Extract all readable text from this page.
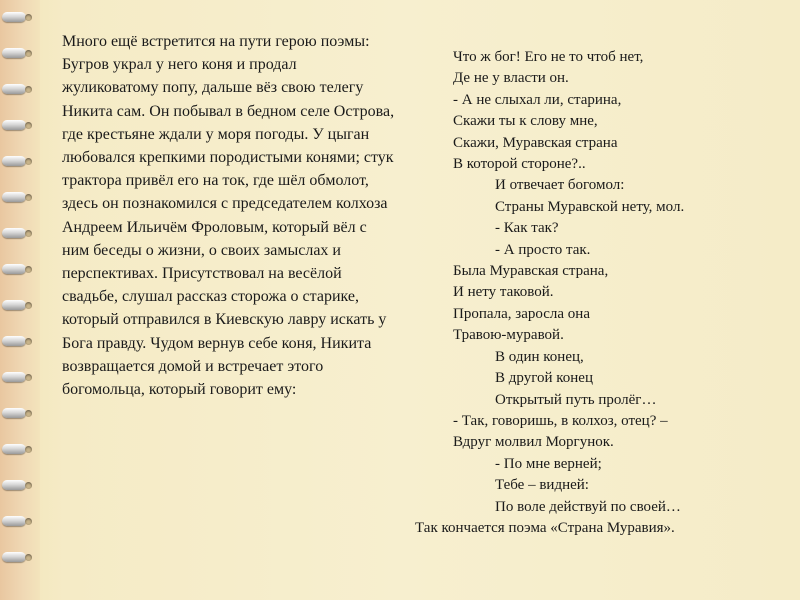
Много ещё встретится на пути герою поэмы: Бугров украл у него коня и продал жуликоватому попу, дальше вёз свою телегу Никита сам. Он побывал в бедном селе Острова, где крестьяне ждали у моря погоды. У цыган любовался крепкими породистыми конями; стук трактора привёл его на ток, где шёл обмолот, здесь он познакомился с председателем колхоза Андреем Ильичём Фроловым, который вёл с ним беседы о жизни, о своих замыслах и перспективах. Присутствовал на весёлой свадьбе, слушал рассказ сторожа о старике, который отправился в Киевскую лавру искать у Бога правду. Чудом вернув себе коня, Никита возвращается домой и встречает этого богомольца, который говорит ему:

Что ж бог! Его не то чтоб нет,
Де не у власти он.
- А не слыхал ли, старина,
Скажи ты к слову мне,
Скажи, Муравская страна
В которой стороне?..
И отвечает богомол:
Страны Муравской нету, мол.
- Как так?
- А просто так.
Была Муравская страна,
И нету таковой.
Пропала, заросла она
Травою-муравой.
В один конец,
В другой конец
Открытый путь пролёг…
- Так, говоришь, в колхоз, отец? –
Вдруг молвил Моргунок.
- По мне верней;
Тебе – видней:
По воле действуй по своей…
Так кончается поэма «Страна Муравия».
